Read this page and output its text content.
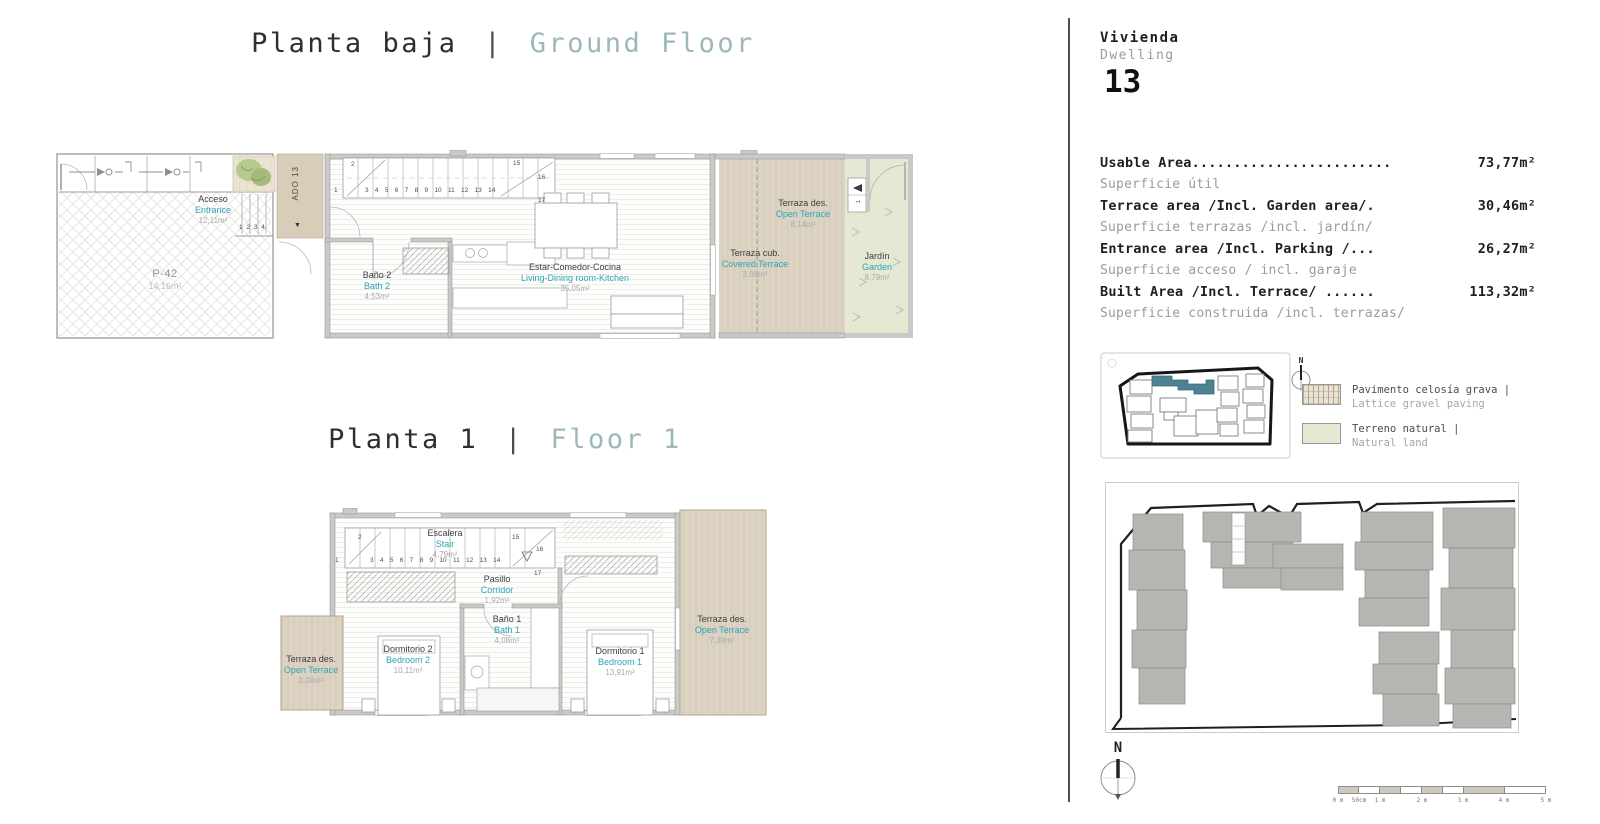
Planta baja | Ground Floor
Planta 1 | Floor 1
Acceso
Entrance
12,11m²
P-42
14,16m²
ADO 13
▼
Baño 2
Bath 2
4,53m²
Estar-Comedor-Cocina
Living-Dining room-Kitchen
35,05m²
Terraza cub.
Covered Terrace
3,08m²
Terraza des.
Open Terrace
8,14m²
Jardín
Garden
8,79m²
1
2
3 4 5 6 7 8 9 10 11 12 13 14
15
16
17
1 2 3 4
2
1
Escalera
Stair
4,79m²
Pasillo
Corridor
1,92m²
Terraza des.
Open Terrace
3,08m²
Dormitorio 2
Bedroom 2
10,11m²
Baño 1
Bath 1
4,08m²
Dormitorio 1
Bedroom 1
13,91m²
Terraza des.
Open Terrace
7,39m²
1
2
3 4 5 6 7 8 9 10 11 12 13 14
15
16
17
Vivienda
Dwelling
13
Usable Area........................	73,77m²
Superficie útil
Terrace area /Incl. Garden area/.	30,46m²
Superficie terrazas /incl. jardín/
Entrance area /Incl. Parking /...	26,27m²
Superficie acceso / incl. garaje
Built Area /Incl. Terrace/ ......	113,32m²
Superficie construida /incl. terrazas/
N
Pavimento celosía grava |
Lattice gravel paving
Terreno natural |
Natural land
N
0 m 50cm 1 m	2 m	3 m	4 m	5 m
